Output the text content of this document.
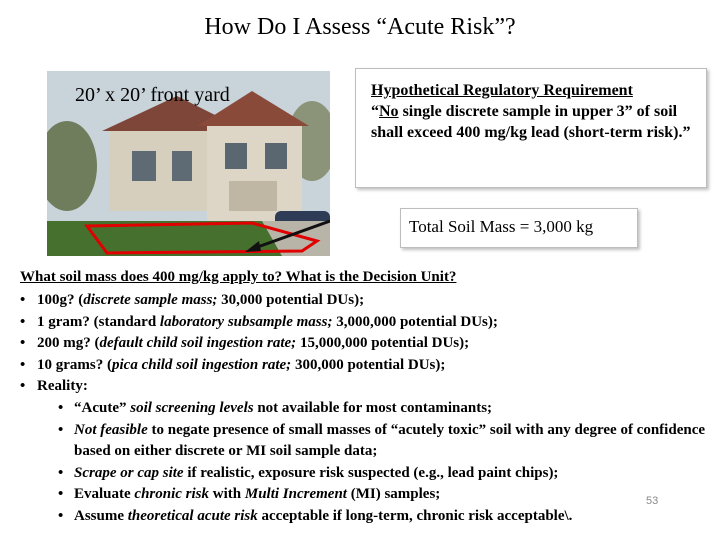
How Do I Assess “Acute Risk”?
20’ x 20’ front yard	Hypothetical Regulatory Requirement
“No single discrete sample in upper 3” of soil shall exceed 400 mg/kg lead (short-term risk).”
Total Soil Mass = 3,000 kg
What soil mass does 400 mg/kg apply to? What is the Decision Unit?
• 100g? (discrete sample mass; 30,000 potential DUs);
• 1 gram? (standard laboratory subsample mass; 3,000,000 potential DUs);
• 200 mg? (default child soil ingestion rate; 15,000,000 potential DUs);
• 10 grams? (pica child soil ingestion rate; 300,000 potential DUs);
• Reality:
• “Acute” soil screening levels not available for most contaminants;
• Not feasible to negate presence of small masses of “acutely toxic” soil with any degree of confidence based on either discrete or MI soil sample data;
• Scrape or cap site if realistic, exposure risk suspected (e.g., lead paint chips);
• Evaluate chronic risk with Multi Increment (MI) samples;
• Assume theoretical acute risk acceptable if long-term, chronic risk acceptable\.
53
